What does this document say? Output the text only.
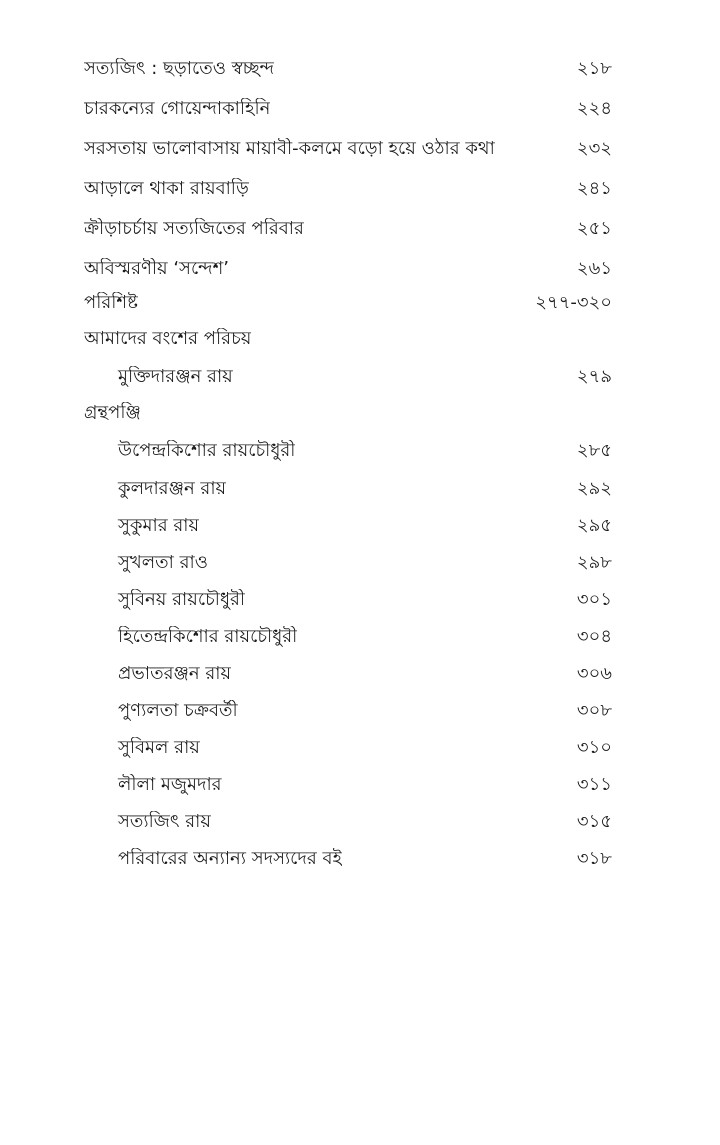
সত্যজিৎ : ছড়াতেও স্বচ্ছন্দ	২১৮
চারকন্যের গোয়েন্দাকাহিনি	২২৪
সরসতায় ভালোবাসায় মায়াবী-কলমে বড়ো হয়ে ওঠার কথা	২৩২
আড়ালে থাকা রায়বাড়ি	২৪১
ক্রীড়াচর্চায় সত্যজিতের পরিবার	২৫১
অবিস্মরণীয় ‘সন্দেশ’	২৬১
পরিশিষ্ট	২৭৭-৩২০
আমাদের বংশের পরিচয়
মুক্তিদারঞ্জন রায়	২৭৯
গ্রন্থপঞ্জি
উপেন্দ্রকিশোর রায়চৌধুরী	২৮৫
কুলদারঞ্জন রায়	২৯২
সুকুমার রায়	২৯৫
সুখলতা রাও	২৯৮
সুবিনয় রায়চৌধুরী	৩০১
হিতেন্দ্রকিশোর রায়চৌধুরী	৩০৪
প্রভাতরঞ্জন রায়	৩০৬
পুণ্যলতা চক্রবর্তী	৩০৮
সুবিমল রায়	৩১০
লীলা মজুমদার	৩১১
সত্যজিৎ রায়	৩১৫
পরিবারের অন্যান্য সদস্যদের বই	৩১৮
